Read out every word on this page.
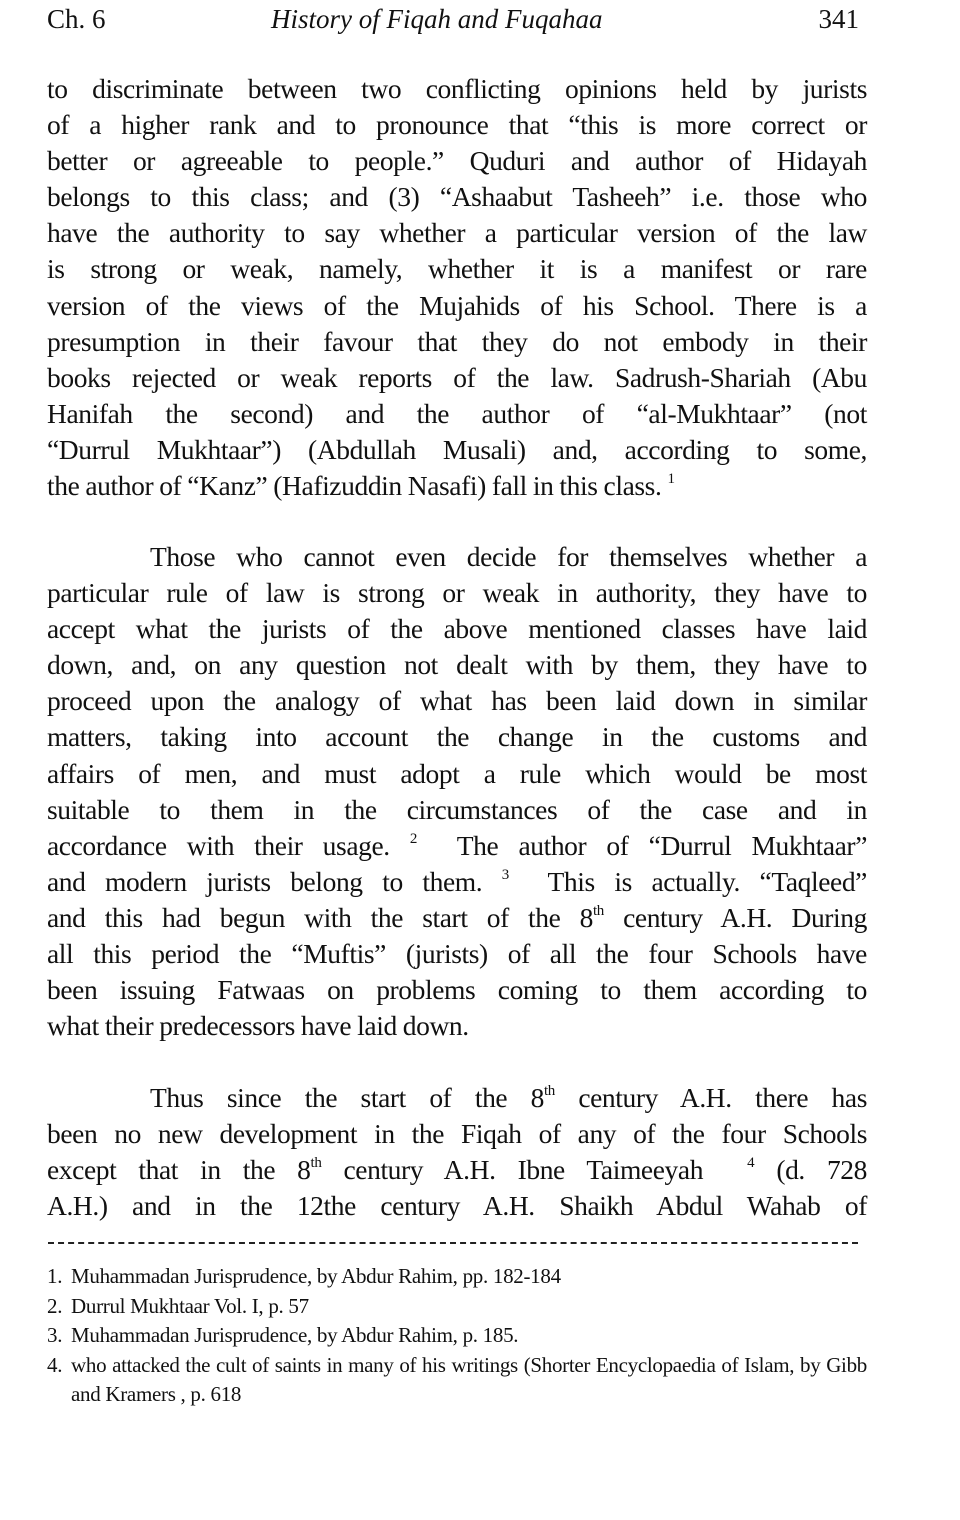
Ch. 6	History of Fiqah and Fuqahaa	341
to discriminate between two conflicting opinions held by jurists
of a higher rank and to pronounce that “this is more correct or
better or agreeable to people.” Quduri and author of Hidayah
belongs to this class; and (3) “Ashaabut Tasheeh” i.e. those who
have the authority to say whether a particular version of the law
is strong or weak, namely, whether it is a manifest or rare
version of the views of the Mujahids of his School. There is a
presumption in their favour that they do not embody in their
books rejected or weak reports of the law. Sadrush-Shariah (Abu
Hanifah the second) and the author of “al-Mukhtaar” (not
“Durrul Mukhtaar”) (Abdullah Musali) and, according to some,
the author of “Kanz” (Hafizuddin Nasafi) fall in this class. $^1$
Those who cannot even decide for themselves whether a
particular rule of law is strong or weak in authority, they have to
accept what the jurists of the above mentioned classes have laid
down, and, on any question not dealt with by them, they have to
proceed upon the analogy of what has been laid down in similar
matters, taking into account the change in the customs and
affairs of men, and must adopt a rule which would be most
suitable to them in the circumstances of the case and in
accordance with their usage. $^2$ The author of “Durrul Mukhtaar”
and modern jurists belong to them. $^3$ This is actually. “Taqleed”
and this had begun with the start of the 8th century A.H. During
all this period the “Muftis” (jurists) of all the four Schools have
been issuing Fatwaas on problems coming to them according to
what their predecessors have laid down.
Thus since the start of the 8th century A.H. there has
been no new development in the Fiqah of any of the four Schools
except that in the 8th century A.H. Ibne Taimeeyah	$^4$ (d. 728
A.H.) and in the 12the century A.H. Shaikh Abdul Wahab of
1. Muhammadan Jurisprudence, by Abdur Rahim, pp. 182-184
2. Durrul Mukhtaar Vol. I, p. 57
3. Muhammadan Jurisprudence, by Abdur Rahim, p. 185.
4. who attacked the cult of saints in many of his writings (Shorter Encyclopaedia of Islam, by Gibb and Kramers , p. 618
